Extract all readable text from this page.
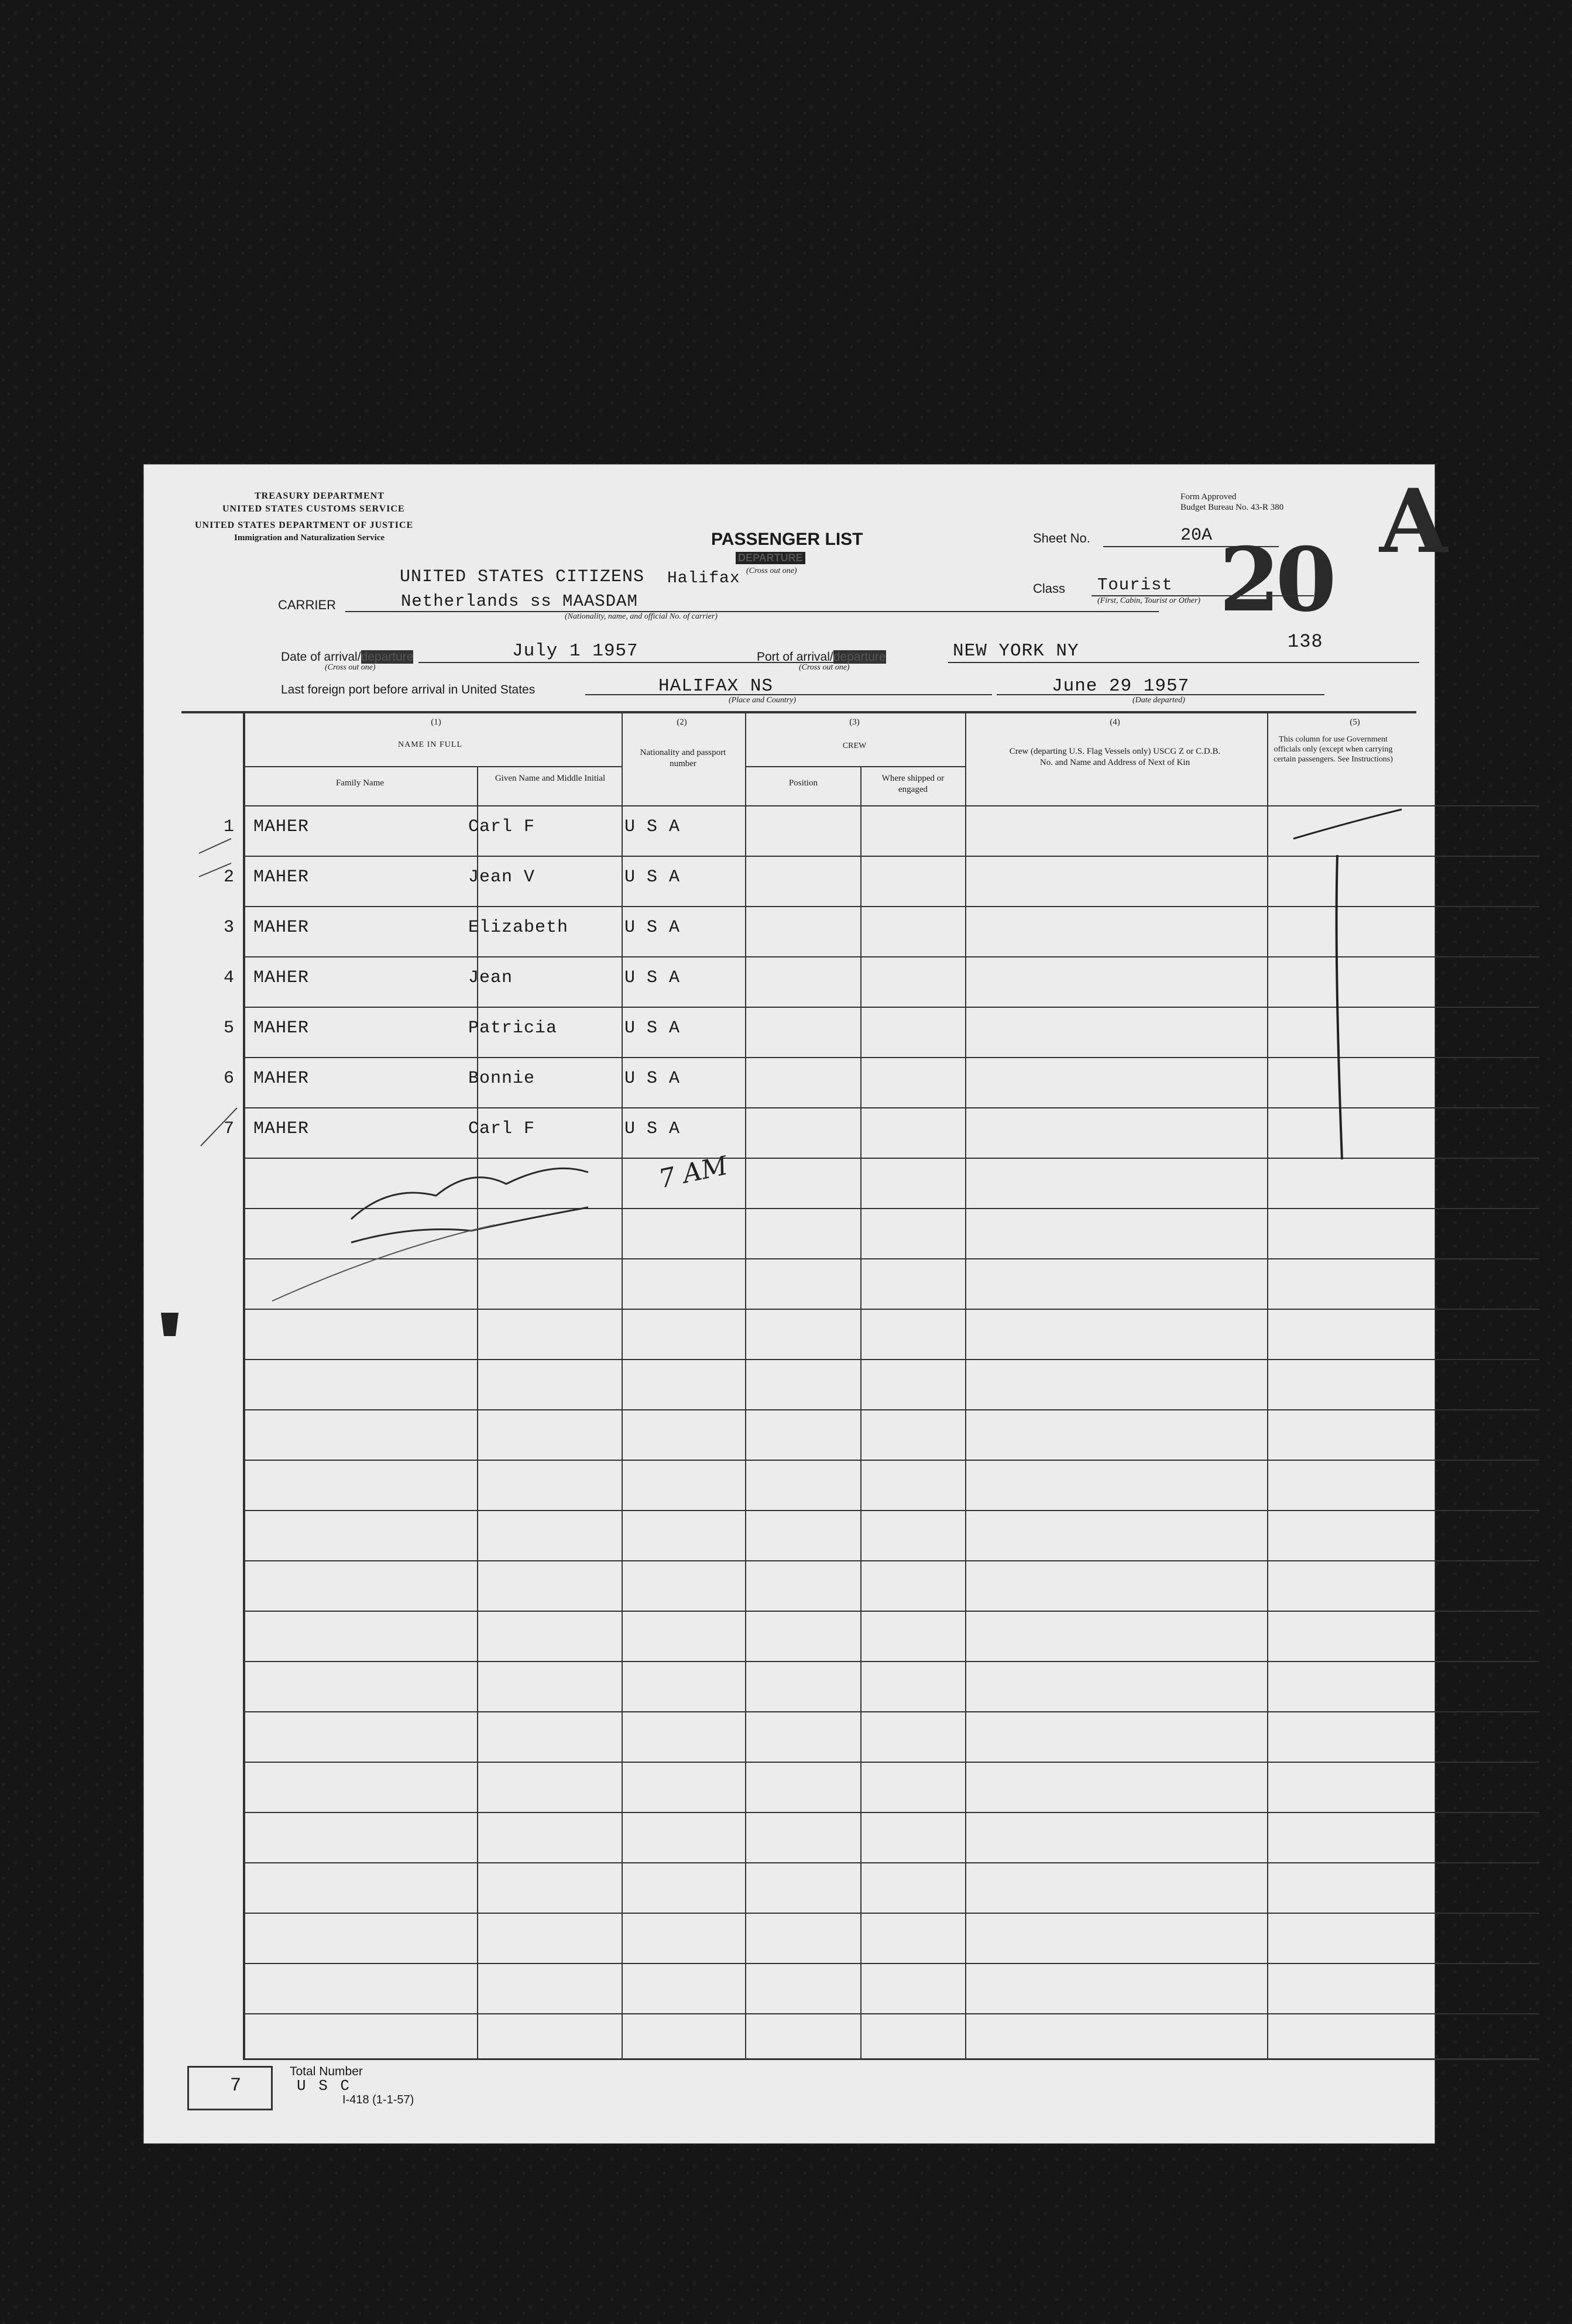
TREASURY DEPARTMENT
UNITED STATES CUSTOMS SERVICE
UNITED STATES DEPARTMENT OF JUSTICE
Immigration and Naturalization Service	PASSENGER LIST
DEPARTURE
(Cross out one)
Form Approved
Budget Bureau No. 43-R 380
Sheet No.	20A 20
A
UNITED STATES CITIZENS Halifax
CARRIER	Netherlands ss MAASDAM
(Nationality, name, and official No. of carrier)
Class Tourist
(First, Cabin, Tourist or Other)
Date of arrival/departure
(Cross out one)
July 1 1957	Port of arrival/departure
(Cross out one)
NEW YORK NY	138
Last foreign port before arrival in United States	HALIFAX NS
(Place and Country)
June 29 1957
(Date departed)
(1)
NAME IN FULL
Family Name	Given Name and Middle Initial
(2)
Nationality and passport number
(3)
CREW
Position	Where shipped or engaged
(4)
Crew (departing U.S. Flag Vessels only) USCG Z or C.D.B. No. and Name and Address of Next of Kin
(5)
This column for use Government officials only (except when carrying certain passengers. See Instructions)
1 MAHER	Carl F	U S A
2 MAHER	Jean V	U S A
3 MAHER	Elizabeth	U S A
4 MAHER	Jean	U S A
5 MAHER	Patricia	U S A
6 MAHER	Bonnie	U S A
7 MAHER	Carl F	U S A
7 AM
7
Total Number
U S C
I-418 (1-1-57)
